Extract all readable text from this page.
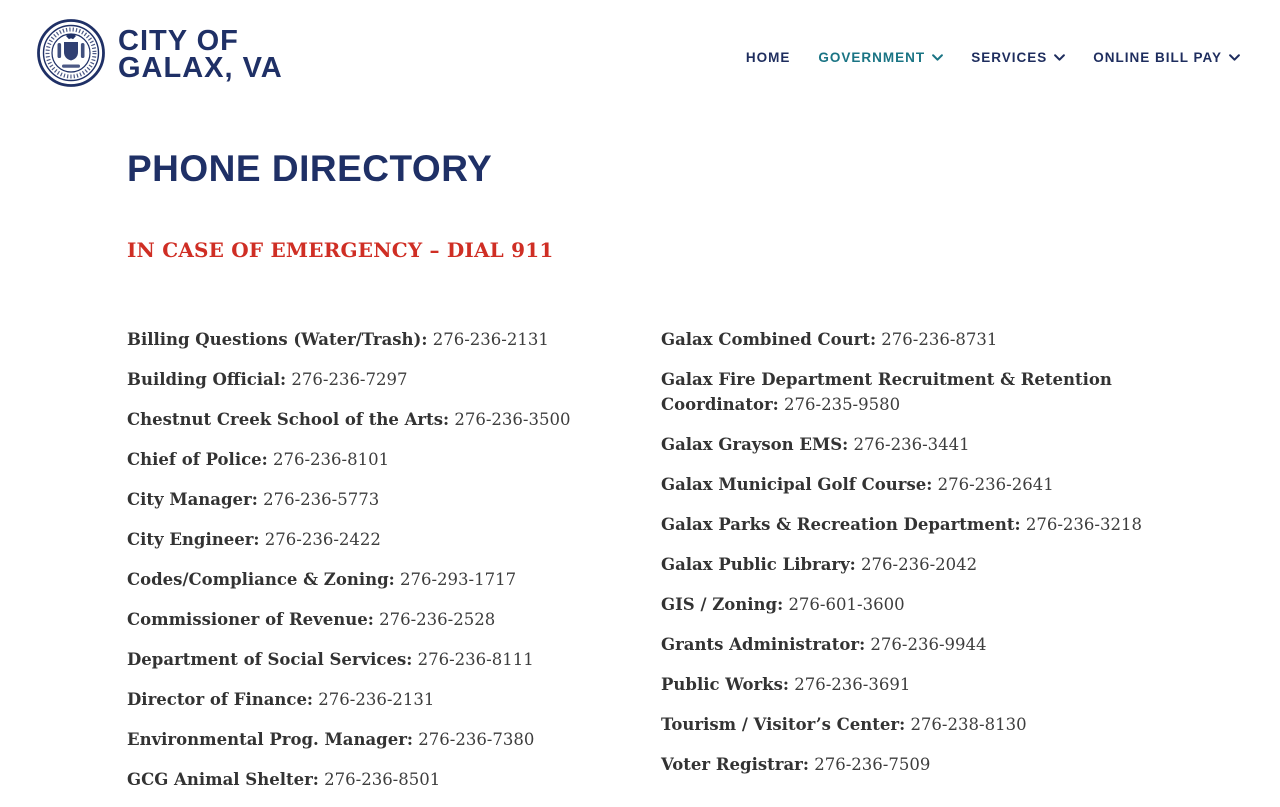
CITY OF
GALAX, VA	HOME GOVERNMENT	SERVICES	ONLINE BILL PAY
PHONE DIRECTORY
IN CASE OF EMERGENCY – DIAL 911

Billing Questions (Water/Trash): 276-236-2131

Building Official: 276-236-7297

Chestnut Creek School of the Arts: 276-236-3500

Chief of Police: 276-236-8101

City Manager: 276-236-5773

City Engineer: 276-236-2422

Codes/Compliance & Zoning: 276-293-1717

Commissioner of Revenue: 276-236-2528

Department of Social Services: 276-236-8111

Director of Finance: 276-236-2131

Environmental Prog. Manager: 276-236-7380

GCG Animal Shelter: 276-236-8501

Galax Combined Court: 276-236-8731

Galax Fire Department Recruitment & Retention Coordinator: 276-235-9580

Galax Grayson EMS: 276-236-3441

Galax Municipal Golf Course: 276-236-2641

Galax Parks & Recreation Department: 276-236-3218

Galax Public Library: 276-236-2042

GIS / Zoning: 276-601-3600

Grants Administrator: 276-236-9944

Public Works: 276-236-3691

Tourism / Visitor’s Center: 276-238-8130

Voter Registrar: 276-236-7509
